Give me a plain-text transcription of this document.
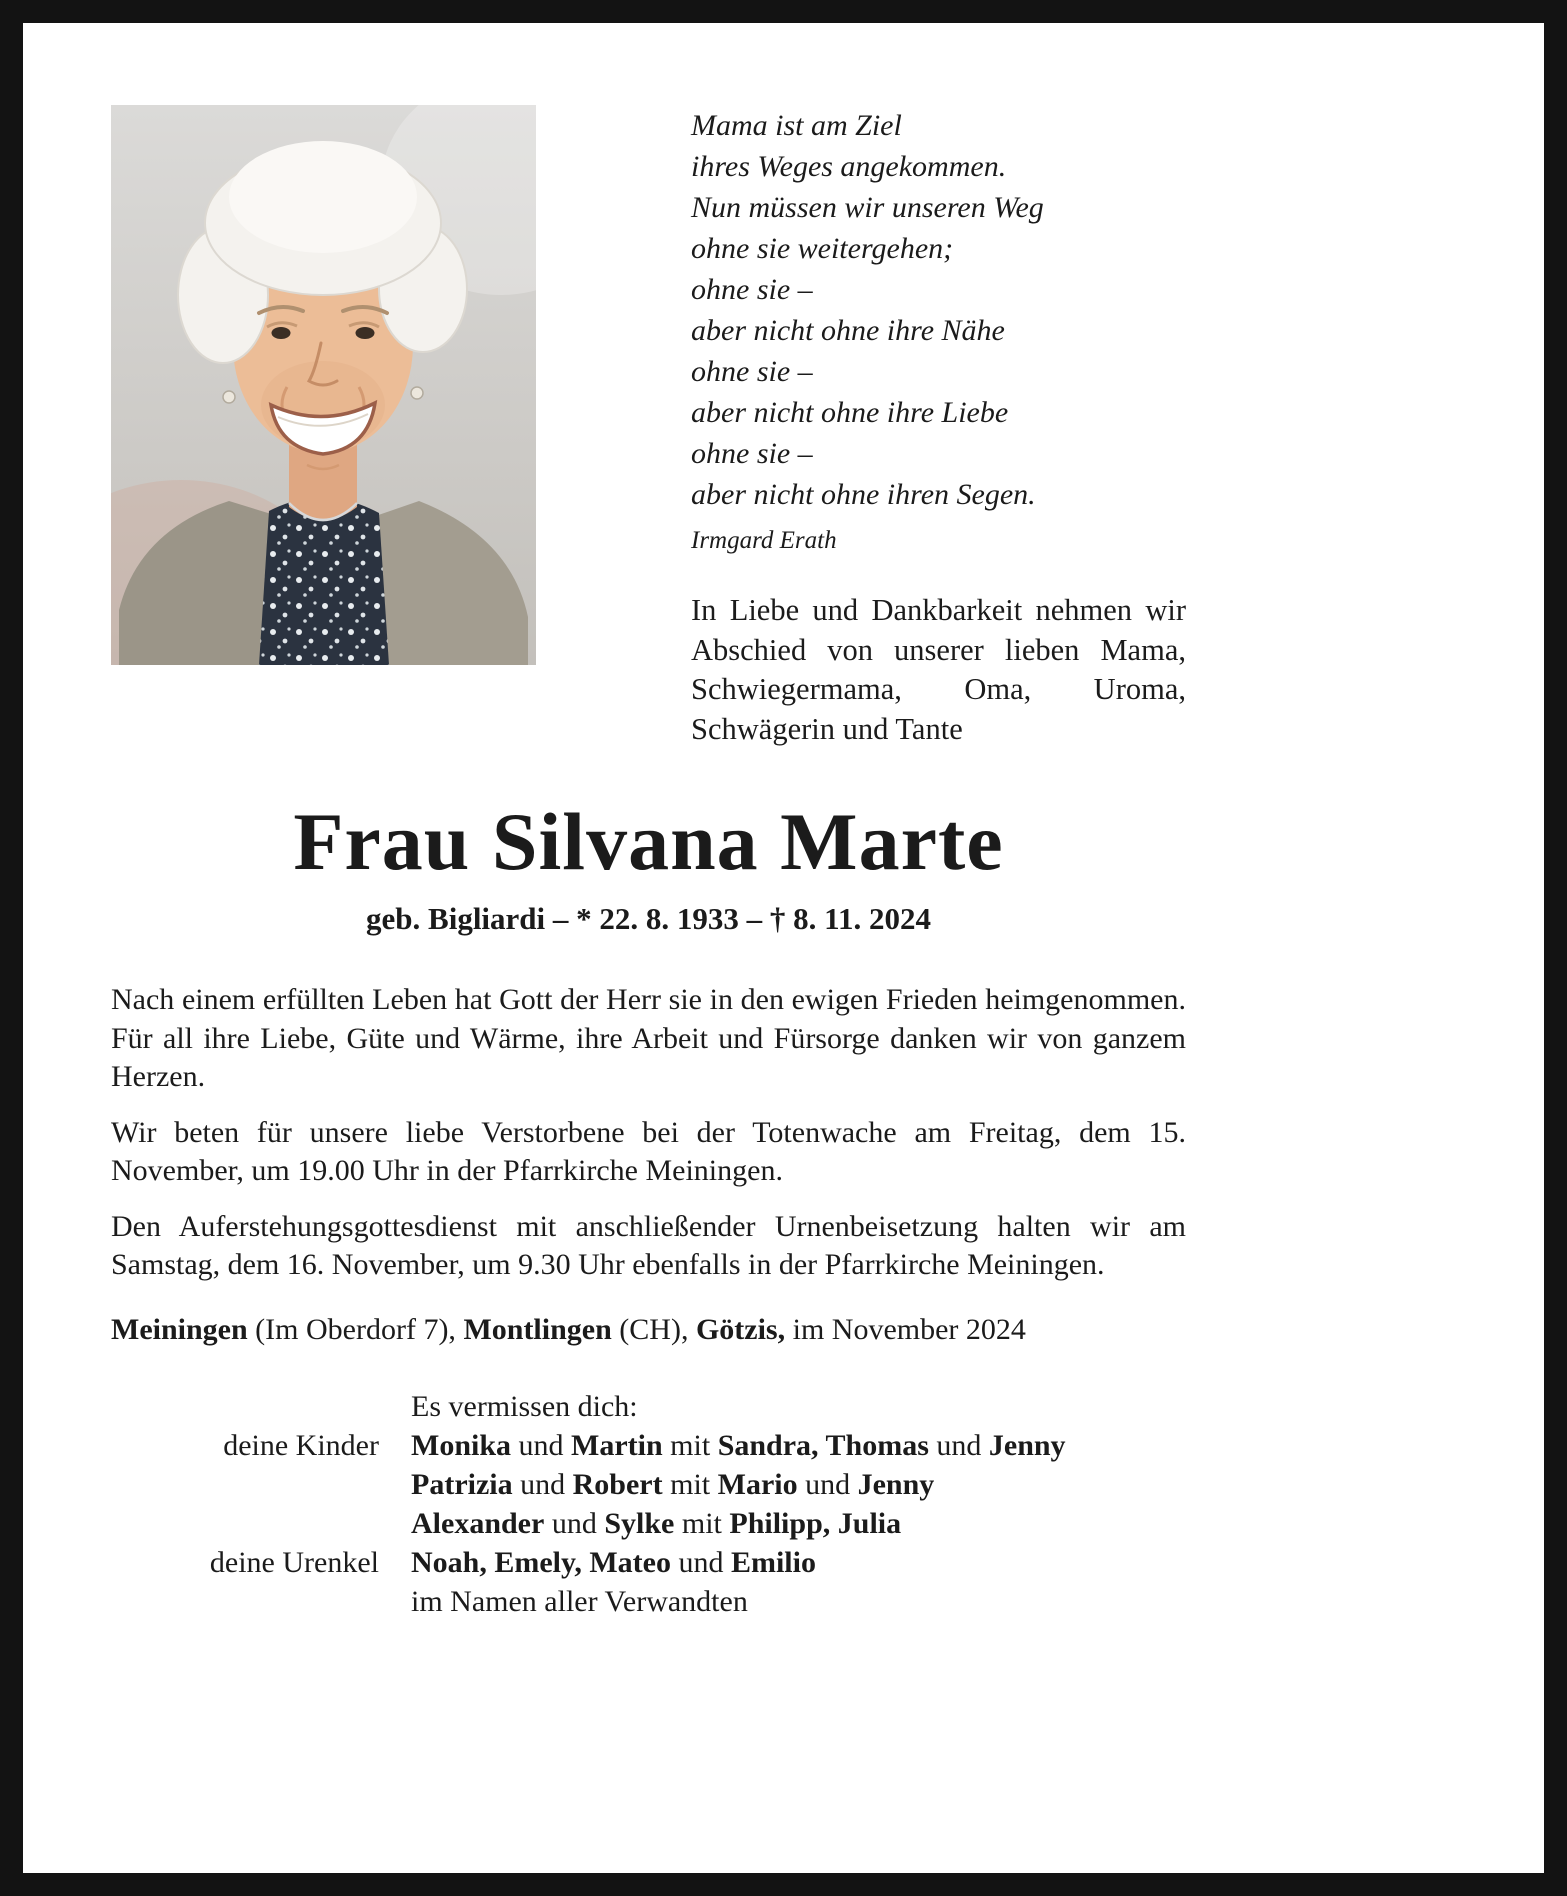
Mama ist am Ziel
ihres Weges angekommen.
Nun müssen wir unseren Weg
ohne sie weitergehen;
ohne sie –
aber nicht ohne ihre Nähe
ohne sie –
aber nicht ohne ihre Liebe
ohne sie –
aber nicht ohne ihren Segen.
Irmgard Erath
In Liebe und Dankbarkeit nehmen wir Abschied von unserer lieben Mama, Schwiegermama, Oma, Uroma, Schwägerin und Tante
Frau Silvana Marte
geb. Bigliardi – * 22. 8. 1933 – † 8. 11. 2024

Nach einem erfüllten Leben hat Gott der Herr sie in den ewigen Frieden heimgenommen. Für all ihre Liebe, Güte und Wärme, ihre Arbeit und Fürsorge danken wir von ganzem Herzen.

Wir beten für unsere liebe Verstorbene bei der Totenwache am Freitag, dem 15. November, um 19.00 Uhr in der Pfarrkirche Meiningen.

Den Auferstehungsgottesdienst mit anschließender Urnenbeisetzung halten wir am Samstag, dem 16. November, um 9.30 Uhr ebenfalls in der Pfarrkirche Meiningen.

Meiningen (Im Oberdorf 7), Montlingen (CH), Götzis, im November 2024
Es vermissen dich:
deine Kinder Monika und Martin mit Sandra, Thomas und Jenny
Patrizia und Robert mit Mario und Jenny
Alexander und Sylke mit Philipp, Julia
deine Urenkel Noah, Emely, Mateo und Emilio
im Namen aller Verwandten
